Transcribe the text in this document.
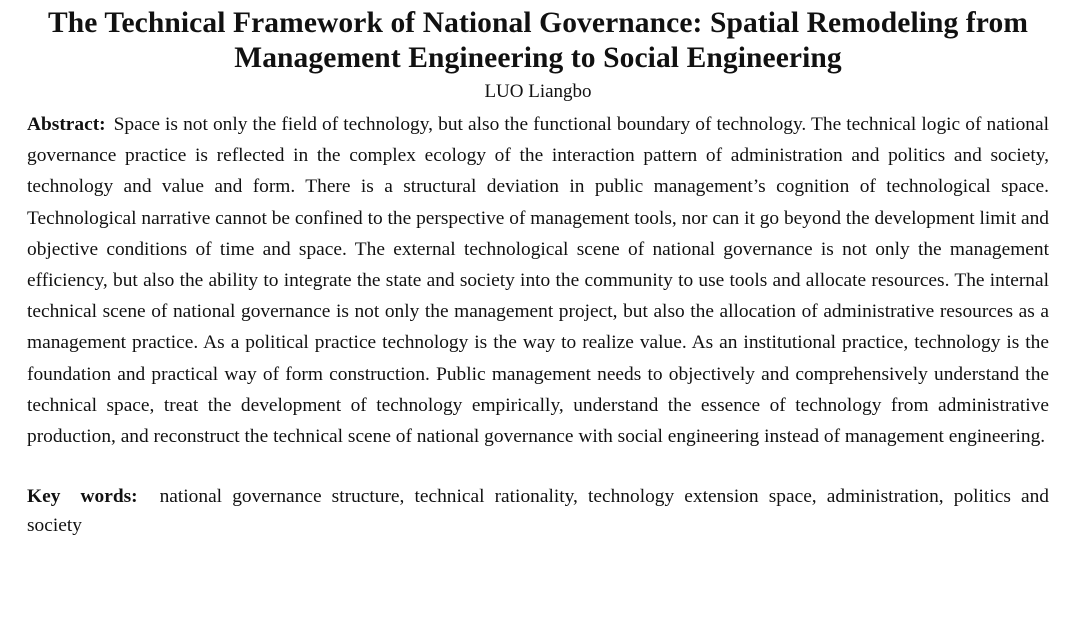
The Technical Framework of National Governance: Spatial Remodeling from Management Engineering to Social Engineering
LUO Liangbo
Abstract: Space is not only the field of technology, but also the functional boundary of technology. The technical logic of national governance practice is reflected in the complex ecology of the interaction pattern of administration and politics and society, technology and value and form. There is a structural deviation in public management’s cognition of technological space. Technological narrative cannot be confined to the perspective of management tools, nor can it go beyond the development limit and objective conditions of time and space. The external technological scene of national governance is not only the management efficiency, but also the ability to integrate the state and society into the community to use tools and allocate resources. The internal technical scene of national governance is not only the management project, but also the allocation of administrative resources as a management practice. As a political practice technology is the way to realize value. As an institutional practice, technology is the foundation and practical way of form construction. Public management needs to objectively and comprehensively understand the technical space, treat the development of technology empirically, understand the essence of technology from administrative production, and reconstruct the technical scene of national governance with social engineering instead of management engineering.
Key words: national governance structure, technical rationality, technology extension space, administration, politics and society
